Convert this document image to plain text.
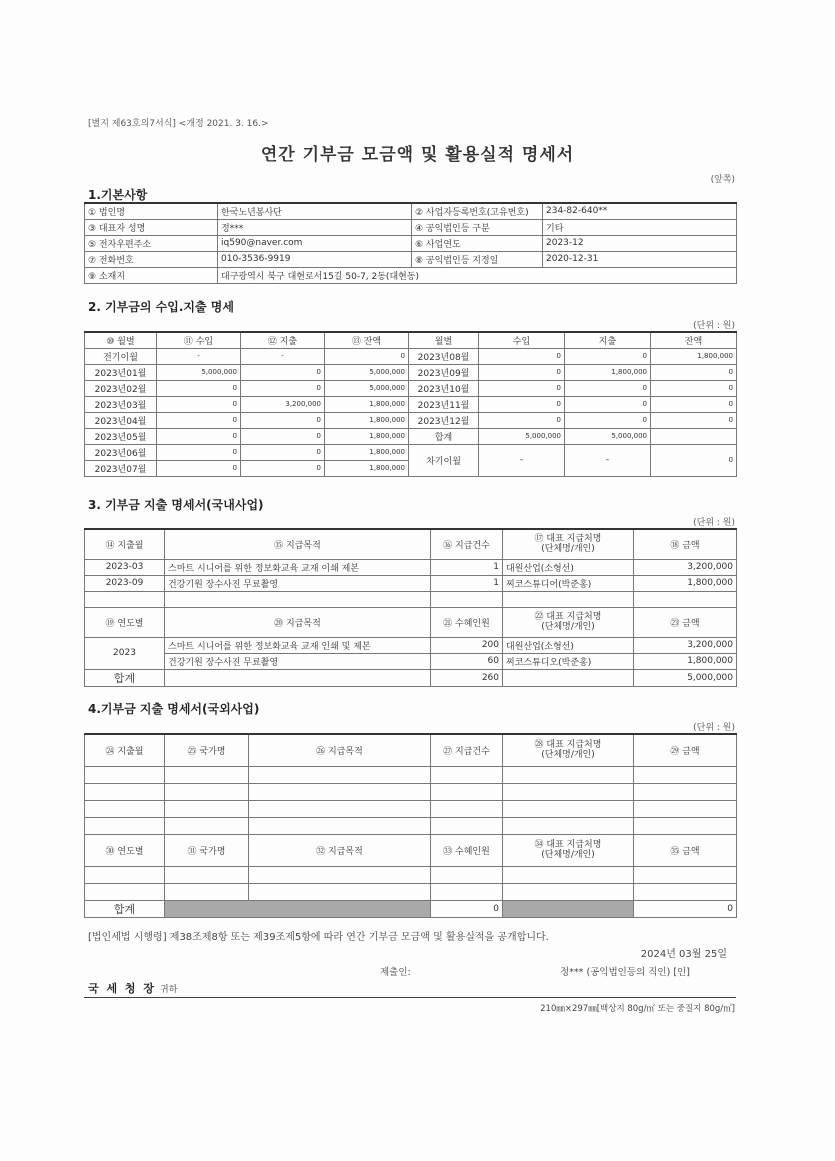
[별지 제63호의7서식] <개정 2021. 3. 16.>
연간 기부금 모금액 및 활용실적 명세서
(앞쪽)
1.기본사항
① 법인명	한국노년봉사단	② 사업자등록번호(고유번호)	234-82-640**
③ 대표자 성명	정***	④ 공익법인등 구분	기타
⑤ 전자우편주소	iq590@naver.com	⑥ 사업연도	2023-12
⑦ 전화번호	010-3536-9919	⑧ 공익법인등 지정일	2020-12-31
⑨ 소재지	대구광역시 북구 대현로서15길 50-7, 2동(대현동)		
2. 기부금의 수입.지출 명세
(단위 : 원)
⑩ 월별	⑪ 수입	⑫ 지출	⑬ 잔액	월별	수입	지출	잔액
전기이월	-	-	0	2023년08월	0	0	1,800,000
2023년01월	5,000,000	0	5,000,000	2023년09월	0	1,800,000	0
2023년02월	0	0	5,000,000	2023년10월	0	0	0
2023년03월	0	3,200,000	1,800,000	2023년11월	0	0	0
2023년04월	0	0	1,800,000	2023년12월	0	0	0
2023년05월	0	0	1,800,000	합계	5,000,000	5,000,000	
2023년06월	0	0	1,800,000	차기이월	-	-	0
2023년07월	0	0	1,800,000				
3. 기부금 지출 명세서(국내사업)
(단위 : 원)
⑭ 지출월	⑮ 지급목적	⑯ 지급건수	⑰ 대표 지급처명
(단체명/개인)	⑱ 금액
2023-03	스마트 시니어를 위한 정보화교육 교재 이쇄 제본	1	대원산업(소형선)	3,200,000
2023-09	건강기원 장수사진 무료촬영	1	찌코스튜디어(박준홍)	1,800,000

⑲ 연도별	⑳ 지급목적	㉑ 수혜인원	㉒ 대표 지급처명
(단체명/개인)	㉓ 금액
2023	스마트 시니어를 위한 정보화교육 교재 인쇄 및 제본	200	대원산업(소형선)	3,200,000
	건강기원 장수사진 무료촬영	60	찌코스튜디오(박준홍)	1,800,000
합계		260		5,000,000
4.기부금 지출 명세서(국외사업)
(단위 : 원)
㉔ 지출월	㉕ 국가명	㉖ 지급목적	㉗ 지급건수	㉘ 대표 지급처명
(단체명/개인)	㉙ 금액

㉚ 연도별	㉛ 국가명	㉜ 지급목적	㉝ 수혜인원	㉞ 대표 지급처명
(단체명/개인)	㉟ 금액

합계			0		0
[법인세법 시행령] 제38조제8항 또는 제39조제5항에 따라 연간 기부금 모금액 및 활용실적을 공개합니다.
2024년 03월 25일
제출인:	정*** (공익법인등의 직인) [인]
국 세 청 장 귀하
210㎜×297㎜[백상지 80g/㎡ 또는 중질지 80g/㎡]
